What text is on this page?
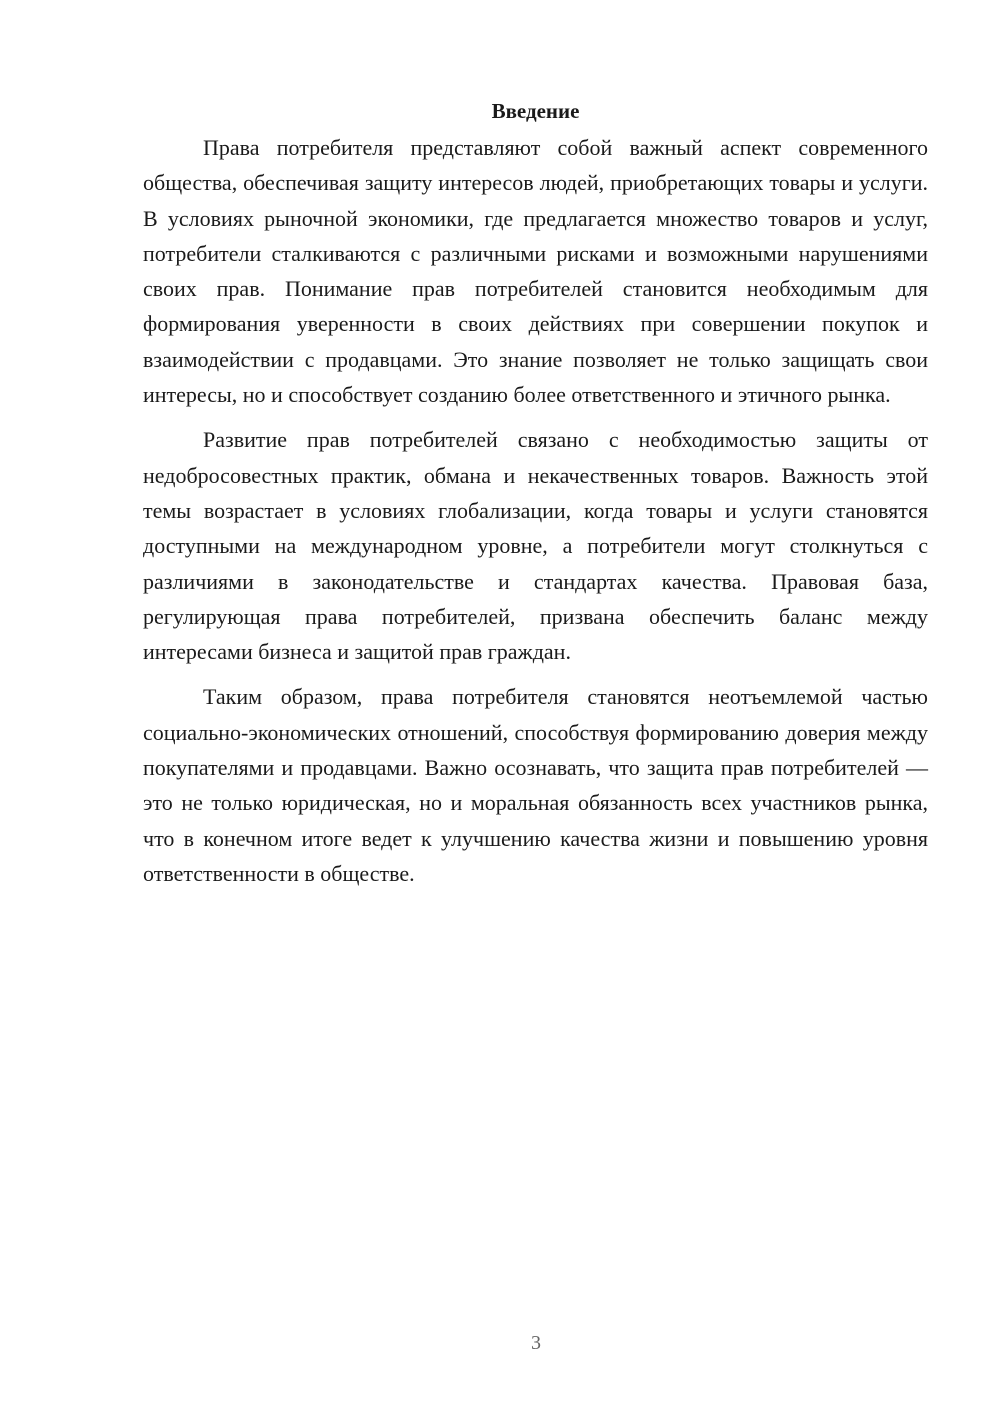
Введение

Права потребителя представляют собой важный аспект современного общества, обеспечивая защиту интересов людей, приобретающих товары и услуги. В условиях рыночной экономики, где предлагается множество товаров и услуг, потребители сталкиваются с различными рисками и возможными нарушениями своих прав. Понимание прав потребителей становится необходимым для формирования уверенности в своих действиях при совершении покупок и взаимодействии с продавцами. Это знание позволяет не только защищать свои интересы, но и способствует созданию более ответственного и этичного рынка.

Развитие прав потребителей связано с необходимостью защиты от недобросовестных практик, обмана и некачественных товаров. Важность этой темы возрастает в условиях глобализации, когда товары и услуги становятся доступными на международном уровне, а потребители могут столкнуться с различиями в законодательстве и стандартах качества. Правовая база, регулирующая права потребителей, призвана обеспечить баланс между интересами бизнеса и защитой прав граждан.

Таким образом, права потребителя становятся неотъемлемой частью социально-экономических отношений, способствуя формированию доверия между покупателями и продавцами. Важно осознавать, что защита прав потребителей — это не только юридическая, но и моральная обязанность всех участников рынка, что в конечном итоге ведет к улучшению качества жизни и повышению уровня ответственности в обществе.

3
